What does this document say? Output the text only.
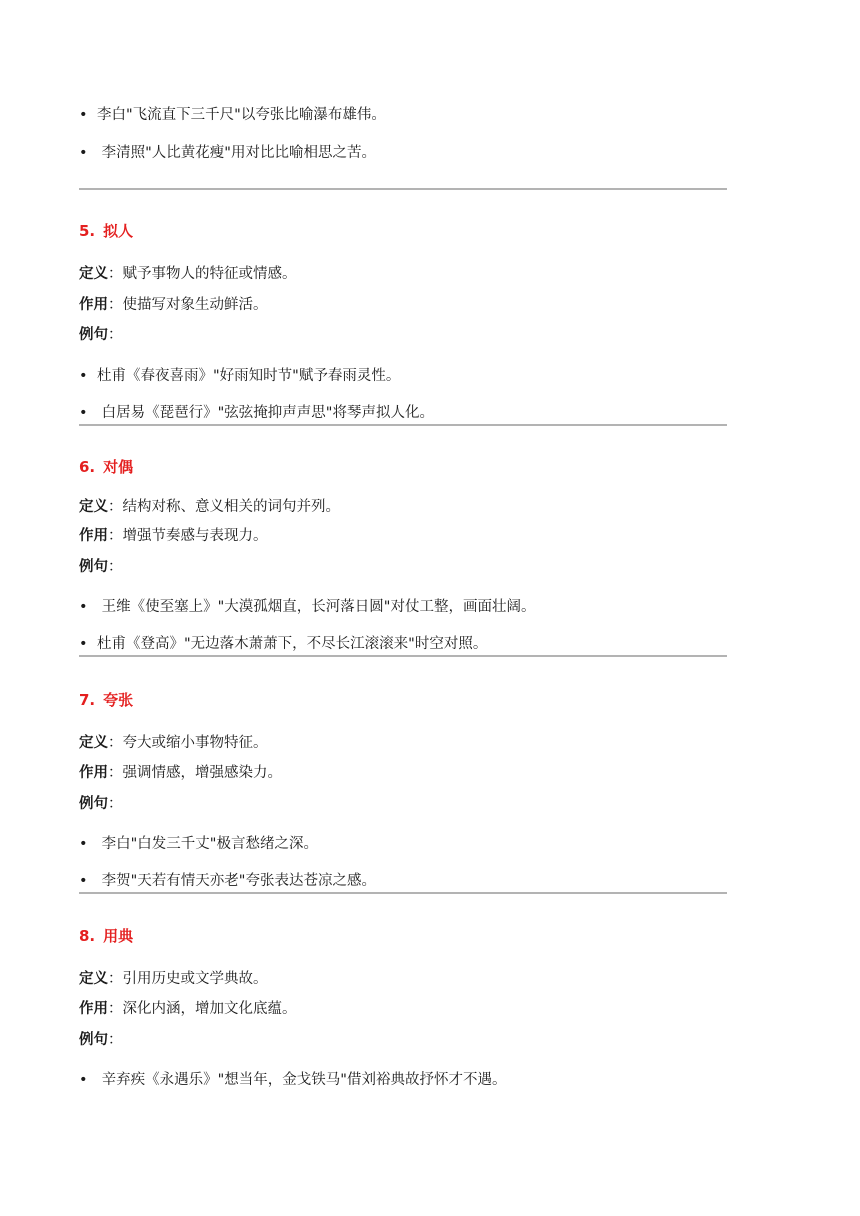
• 李白"飞流直下三千尺"以夸张比喻瀑布雄伟。
• 李清照"人比黄花瘦"用对比比喻相思之苦。
5. 拟人
定义：赋予事物人的特征或情感。
作用：使描写对象生动鲜活。
例句：
• 杜甫《春夜喜雨》"好雨知时节"赋予春雨灵性。
• 白居易《琵琶行》"弦弦掩抑声声思"将琴声拟人化。
6. 对偶
定义：结构对称、意义相关的词句并列。
作用：增强节奏感与表现力。
例句：
• 王维《使至塞上》"大漠孤烟直，长河落日圆"对仗工整，画面壮阔。
• 杜甫《登高》"无边落木萧萧下，不尽长江滚滚来"时空对照。
7. 夸张
定义：夸大或缩小事物特征。
作用：强调情感，增强感染力。
例句：
• 李白"白发三千丈"极言愁绪之深。
• 李贺"天若有情天亦老"夸张表达苍凉之感。
8. 用典
定义：引用历史或文学典故。
作用：深化内涵，增加文化底蕴。
例句：
• 辛弃疾《永遇乐》"想当年，金戈铁马"借刘裕典故抒怀才不遇。
